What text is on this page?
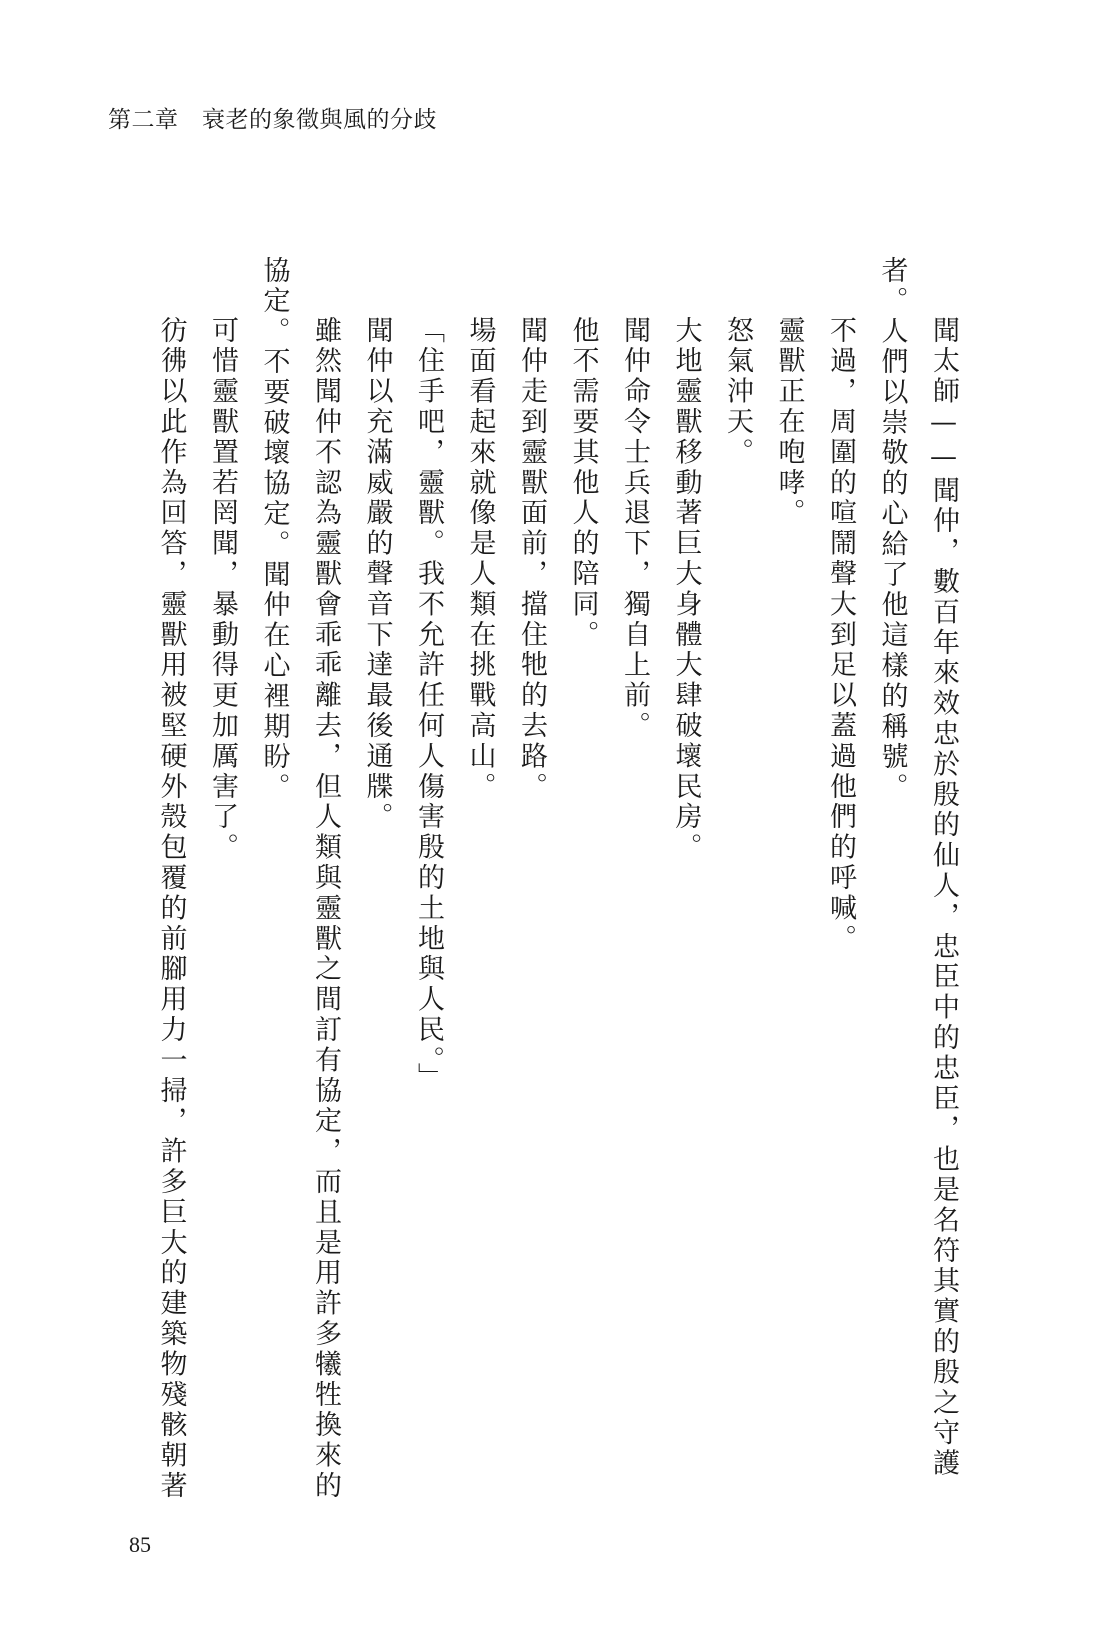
第二章　 衰老的象徵與風的分歧
聞太師——聞仲，數百年來效忠於殷的仙人，忠臣中的忠臣，也是名符其實的殷之守護
者。人們以崇敬的心給了他這樣的稱號。
不過，周圍的喧鬧聲大到足以蓋過他們的呼喊。
靈獸正在咆哮。
怒氣沖天。
大地靈獸移動著巨大身體大肆破壞民房。
聞仲命令士兵退下，獨自上前。
他不需要其他人的陪同。
聞仲走到靈獸面前，擋住牠的去路。
場面看起來就像是人類在挑戰高山。
「住手吧，靈獸。我不允許任何人傷害殷的土地與人民。」
聞仲以充滿威嚴的聲音下達最後通牒。
雖然聞仲不認為靈獸會乖乖離去，但人類與靈獸之間訂有協定，而且是用許多犧牲換來的
協定。不要破壞協定。聞仲在心裡期盼。
可惜靈獸置若罔聞，暴動得更加厲害了。
彷彿以此作為回答，靈獸用被堅硬外殼包覆的前腳用力一掃，許多巨大的建築物殘骸朝著
85
